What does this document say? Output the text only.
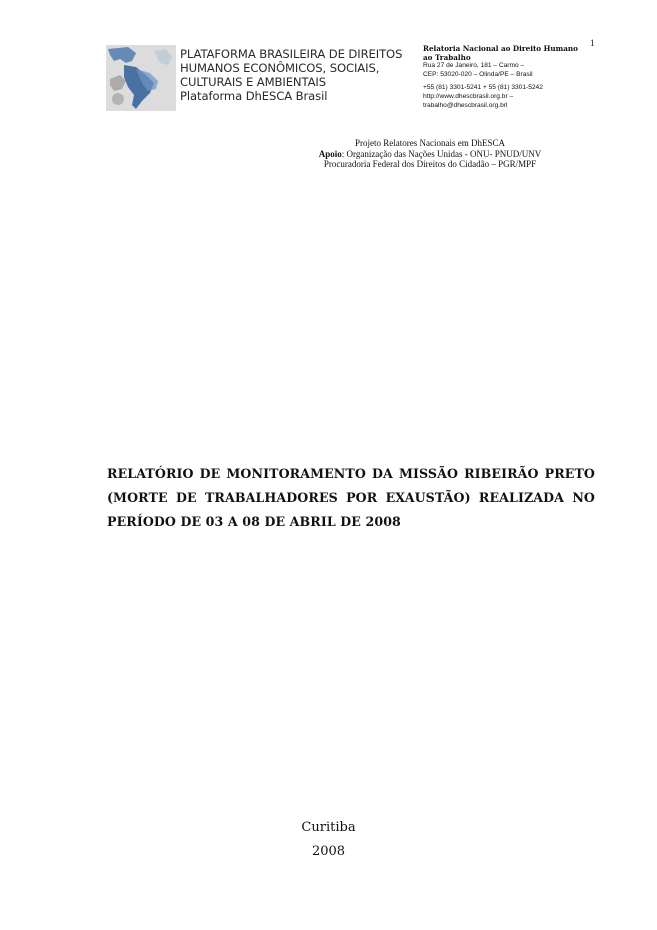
PLATAFORMA BRASILEIRA DE DIREITOS
HUMANOS ECONÔMICOS, SOCIAIS,
CULTURAIS E AMBIENTAIS
Plataforma DhESCA Brasil
Relatoria Nacional ao Direito Humano
ao Trabalho
Rua 27 de Janeiro, 181 – Carmo –
CEP: 53020-020 – Olinda/PE – Brasil
+55 (81) 3301-5241 + 55 (81) 3301-5242
http://www.dhescbrasil.org.br –
trabalho@dhescbrasil.org.brl
1
Projeto Relatores Nacionais em DhESCA
Apoio: Organização das Nações Unidas - ONU- PNUD/UNV
Procuradoria Federal dos Direitos do Cidadão – PGR/MPF
RELATÓRIO DE MONITORAMENTO DA MISSÃO RIBEIRÃO PRETO
(MORTE DE TRABALHADORES POR EXAUSTÃO) REALIZADA NO
PERÍODO DE 03 A 08 DE ABRIL DE 2008
Curitiba
2008
